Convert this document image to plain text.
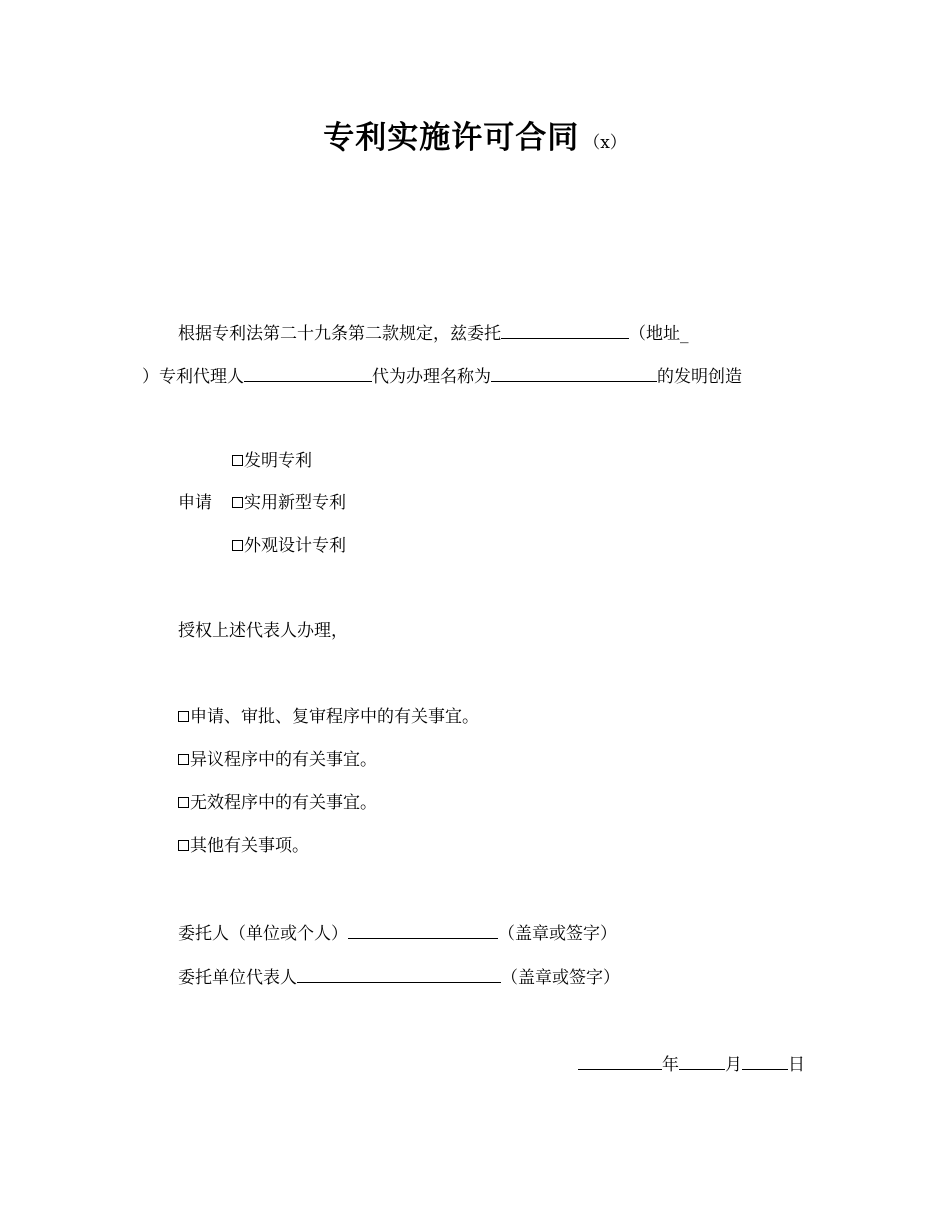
专利实施许可合同 （x）
根据专利法第二十九条第二款规定，兹委托	（地址_
）专利代理人	代为办理名称为	的发明创造
发明专利
申请	实用新型专利
外观设计专利
授权上述代表人办理，
申请、审批、复审程序中的有关事宜。
异议程序中的有关事宜。
无效程序中的有关事宜。
其他有关事项。
委托人（单位或个人）	（盖章或签字）
委托单位代表人	（盖章或签字）
年	月	日
